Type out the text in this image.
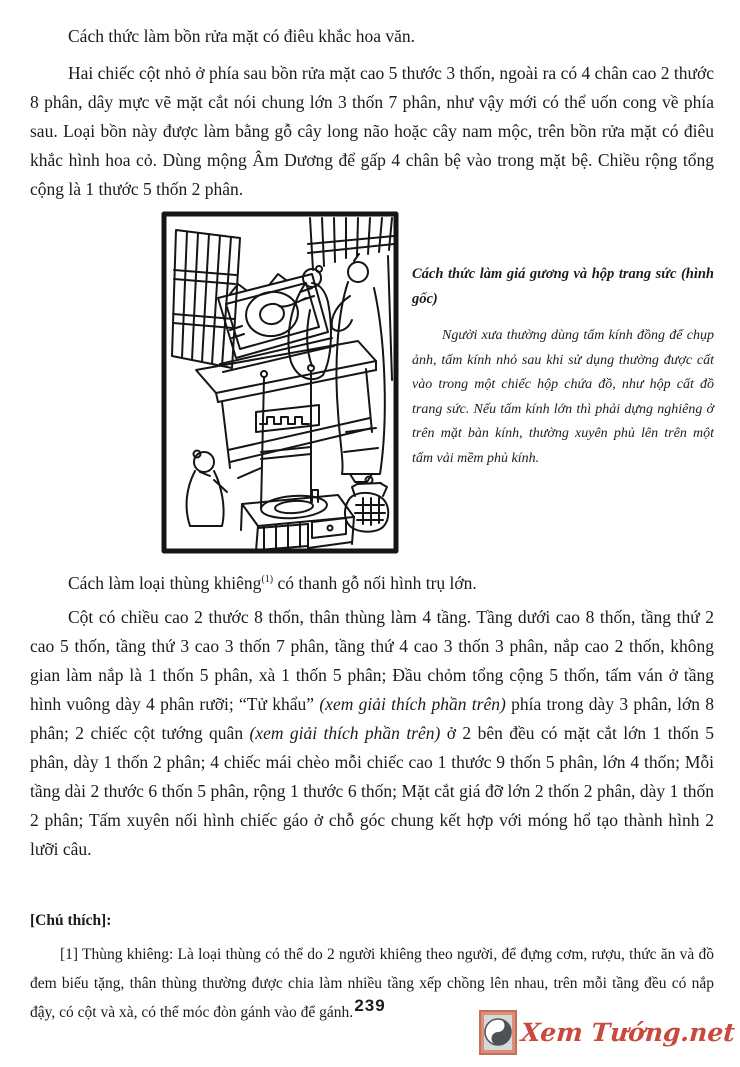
Cách thức làm bồn rửa mặt có điêu khắc hoa văn.

Hai chiếc cột nhỏ ở phía sau bồn rửa mặt cao 5 thước 3 thốn, ngoài ra có 4 chân cao 2 thước 8 phân, dây mực vẽ mặt cắt nói chung lớn 3 thốn 7 phân, như vậy mới có thể uốn cong về phía sau. Loại bồn này được làm bằng gỗ cây long não hoặc cây nam mộc, trên bồn rửa mặt có điêu khắc hình hoa cỏ. Dùng mộng Âm Dương để gấp 4 chân bệ vào trong mặt bệ. Chiều rộng tổng cộng là 1 thước 5 thốn 2 phân.

Cách thức làm giá gương và hộp trang sức (hình gốc)

Người xưa thường dùng tấm kính đồng để chụp ảnh, tấm kính nhỏ sau khi sử dụng thường được cất vào trong một chiếc hộp chứa đồ, như hộp cất đồ trang sức. Nếu tấm kính lớn thì phải dựng nghiêng ở trên mặt bàn kính, thường xuyên phủ lên trên một tấm vải mềm phủ kính.

Cách làm loại thùng khiêng$^{(1)}$ có thanh gỗ nối hình trụ lớn.

Cột có chiều cao 2 thước 8 thốn, thân thùng làm 4 tầng. Tầng dưới cao 8 thốn, tầng thứ 2 cao 5 thốn, tầng thứ 3 cao 3 thốn 7 phân, tầng thứ 4 cao 3 thốn 3 phân, nắp cao 2 thốn, không gian làm nắp là 1 thốn 5 phân, xà 1 thốn 5 phân; Đầu chỏm tổng cộng 5 thốn, tấm ván ở tầng hình vuông dày 4 phân rưỡi; “Tử khẩu” (xem giải thích phần trên) phía trong dày 3 phân, lớn 8 phân; 2 chiếc cột tướng quân (xem giải thích phần trên) ở 2 bên đều có mặt cắt lớn 1 thốn 5 phân, dày 1 thốn 2 phân; 4 chiếc mái chèo mỗi chiếc cao 1 thước 9 thốn 5 phân, lớn 4 thốn; Mỗi tầng dài 2 thước 6 thốn 5 phân, rộng 1 thước 6 thốn; Mặt cắt giá đỡ lớn 2 thốn 2 phân, dày 1 thốn 2 phân; Tấm xuyên nối hình chiếc gáo ở chỗ góc chung kết hợp với móng hổ tạo thành hình 2 lưỡi câu.

[Chú thích]:

[1] Thùng khiêng: Là loại thùng có thể do 2 người khiêng theo người, để đựng cơm, rượu, thức ăn và đồ đem biếu tặng, thân thùng thường được chia làm nhiều tầng xếp chồng lên nhau, trên mỗi tầng đều có nắp đậy, có cột và xà, có thể móc đòn gánh vào để gánh. 239
Xem Tướng.net
